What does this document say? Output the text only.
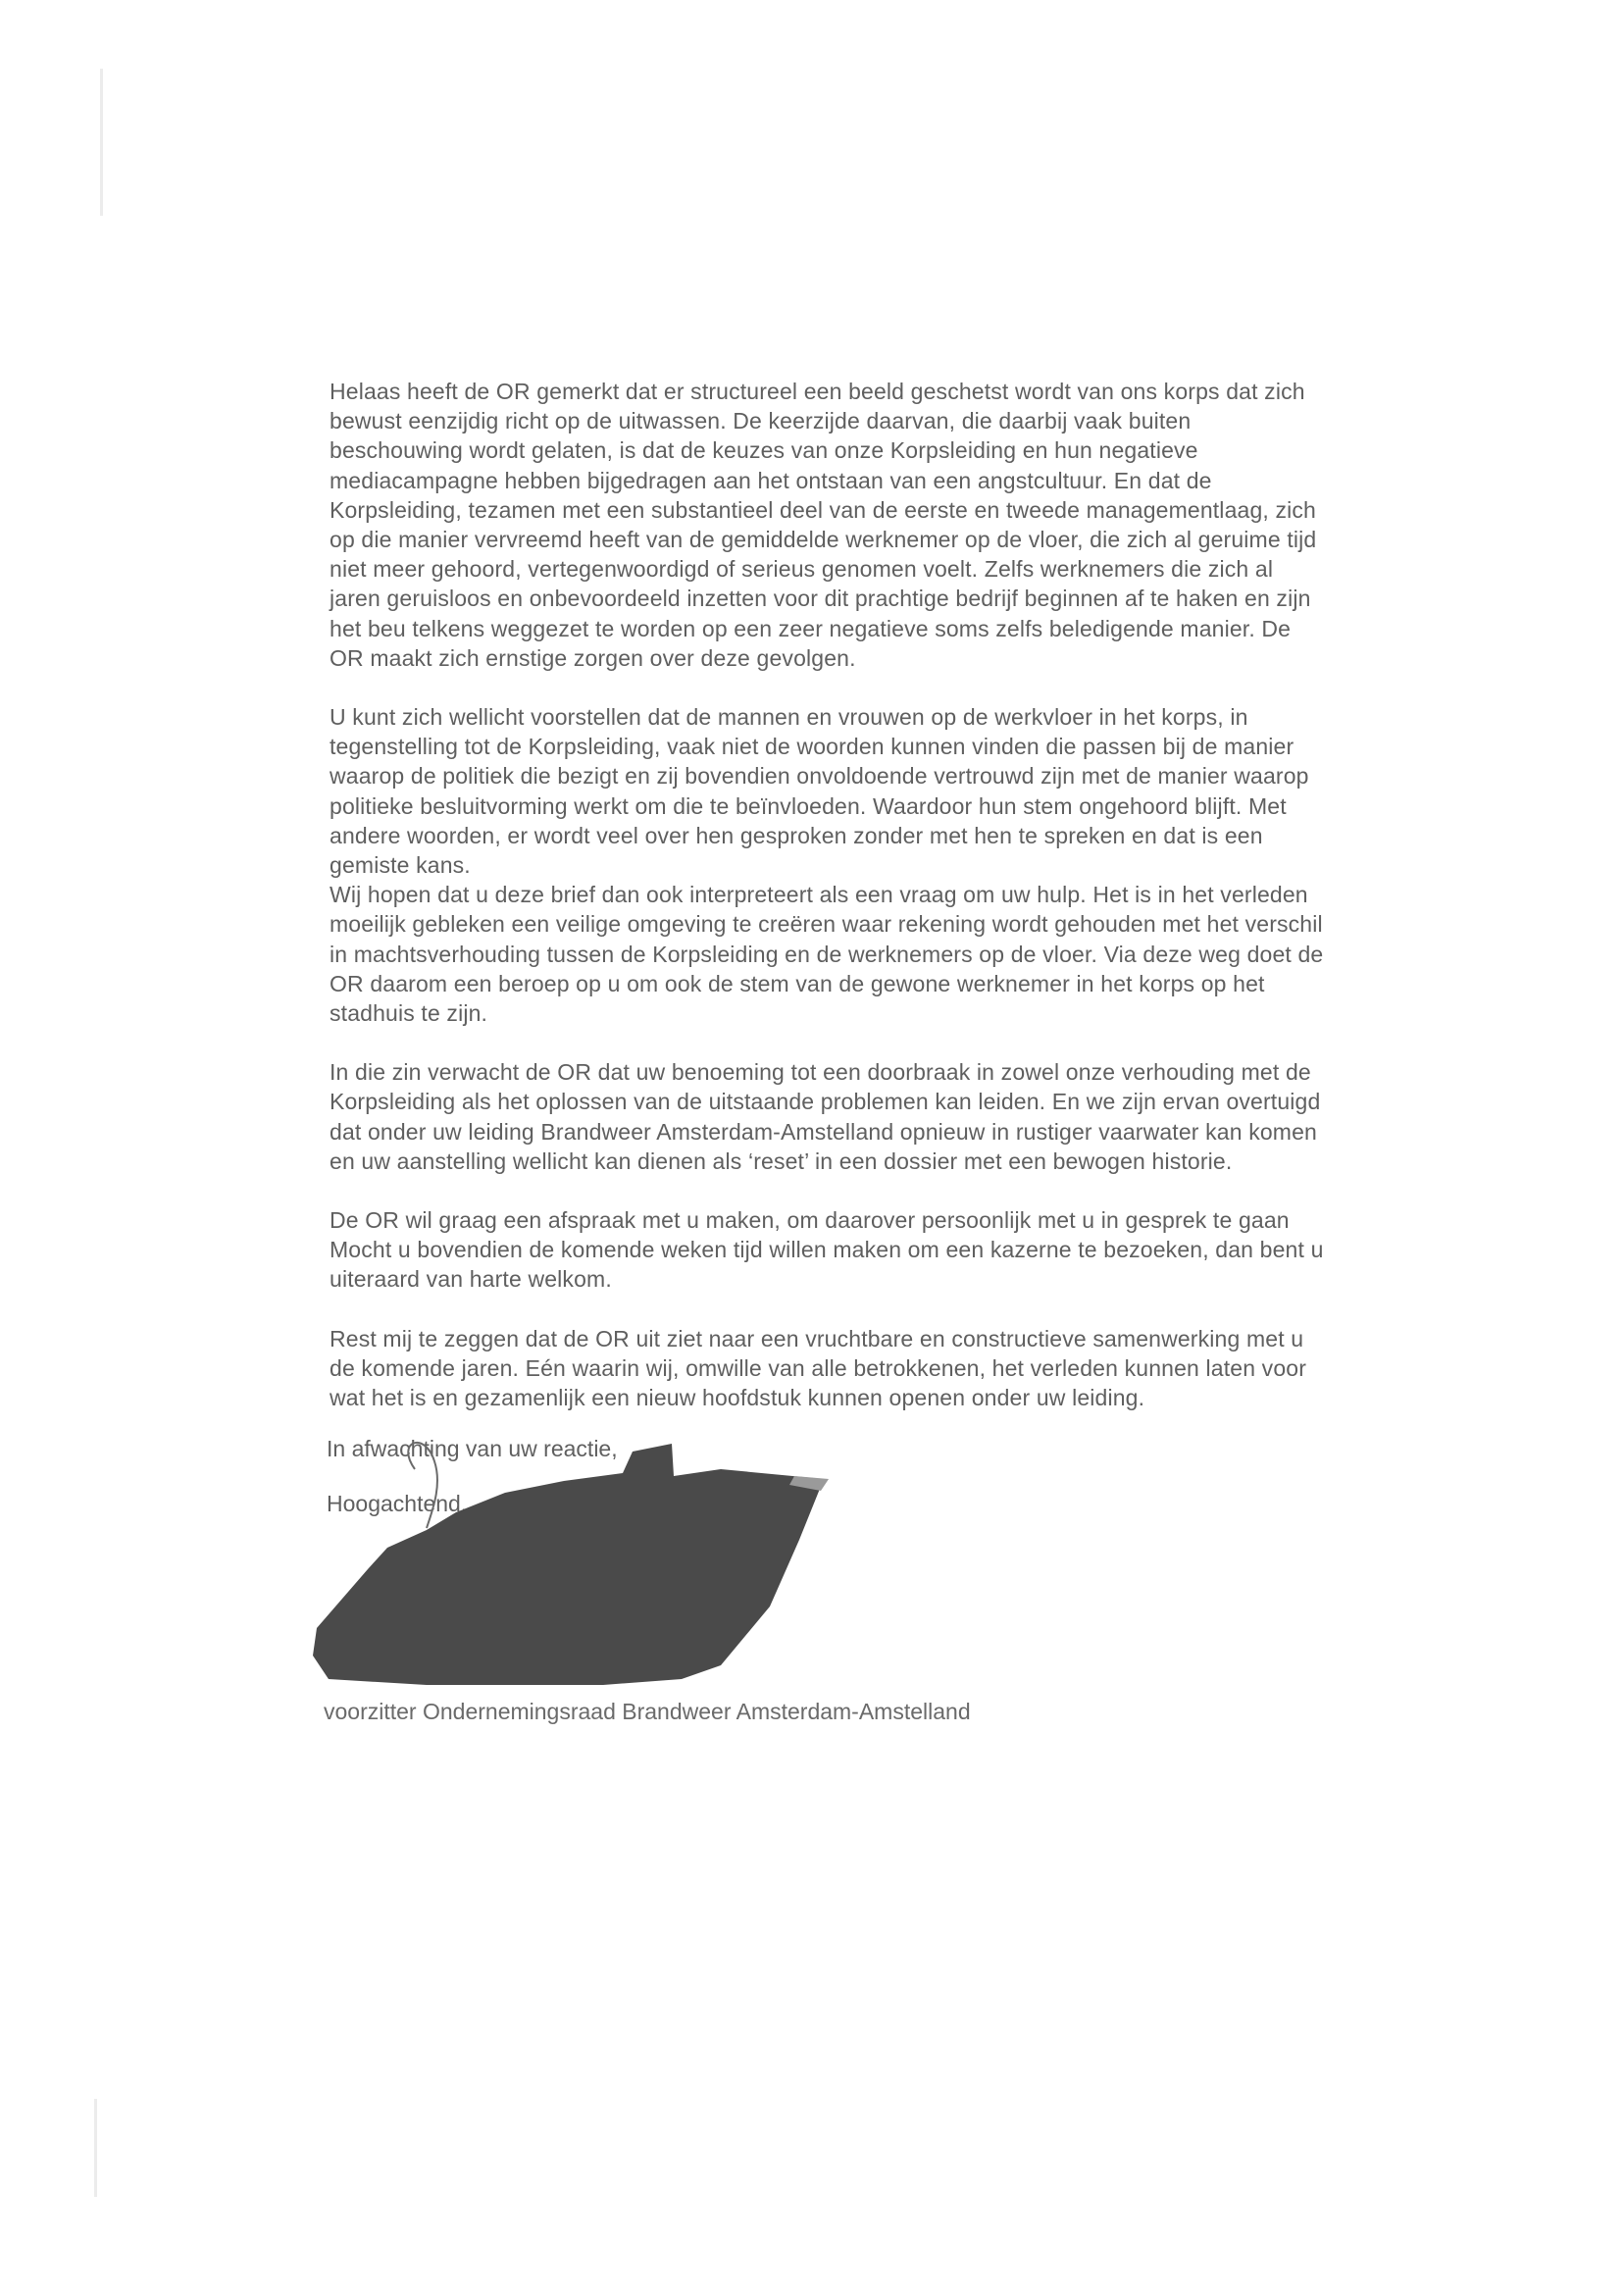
Helaas heeft de OR gemerkt dat er structureel een beeld geschetst wordt van ons korps dat zich
bewust eenzijdig richt op de uitwassen. De keerzijde daarvan, die daarbij vaak buiten
beschouwing wordt gelaten, is dat de keuzes van onze Korpsleiding en hun negatieve
mediacampagne hebben bijgedragen aan het ontstaan van een angstcultuur. En dat de
Korpsleiding, tezamen met een substantieel deel van de eerste en tweede managementlaag, zich
op die manier vervreemd heeft van de gemiddelde werknemer op de vloer, die zich al geruime tijd
niet meer gehoord, vertegenwoordigd of serieus genomen voelt. Zelfs werknemers die zich al
jaren geruisloos en onbevoordeeld inzetten voor dit prachtige bedrijf beginnen af te haken en zijn
het beu telkens weggezet te worden op een zeer negatieve soms zelfs beledigende manier. De
OR maakt zich ernstige zorgen over deze gevolgen.

U kunt zich wellicht voorstellen dat de mannen en vrouwen op de werkvloer in het korps, in
tegenstelling tot de Korpsleiding, vaak niet de woorden kunnen vinden die passen bij de manier
waarop de politiek die bezigt en zij bovendien onvoldoende vertrouwd zijn met de manier waarop
politieke besluitvorming werkt om die te beïnvloeden. Waardoor hun stem ongehoord blijft. Met
andere woorden, er wordt veel over hen gesproken zonder met hen te spreken en dat is een
gemiste kans.
Wij hopen dat u deze brief dan ook interpreteert als een vraag om uw hulp. Het is in het verleden
moeilijk gebleken een veilige omgeving te creëren waar rekening wordt gehouden met het verschil
in machtsverhouding tussen de Korpsleiding en de werknemers op de vloer. Via deze weg doet de
OR daarom een beroep op u om ook de stem van de gewone werknemer in het korps op het
stadhuis te zijn.

In die zin verwacht de OR dat uw benoeming tot een doorbraak in zowel onze verhouding met de
Korpsleiding als het oplossen van de uitstaande problemen kan leiden. En we zijn ervan overtuigd
dat onder uw leiding Brandweer Amsterdam-Amstelland opnieuw in rustiger vaarwater kan komen
en uw aanstelling wellicht kan dienen als ‘reset’ in een dossier met een bewogen historie.

De OR wil graag een afspraak met u maken, om daarover persoonlijk met u in gesprek te gaan
Mocht u bovendien de komende weken tijd willen maken om een kazerne te bezoeken, dan bent u
uiteraard van harte welkom.

Rest mij te zeggen dat de OR uit ziet naar een vruchtbare en constructieve samenwerking met u
de komende jaren. Eén waarin wij, omwille van alle betrokkenen, het verleden kunnen laten voor
wat het is en gezamenlijk een nieuw hoofdstuk kunnen openen onder uw leiding.

In afwachting van uw reactie,
Hoogachtend,
voorzitter Ondernemingsraad Brandweer Amsterdam-Amstelland
